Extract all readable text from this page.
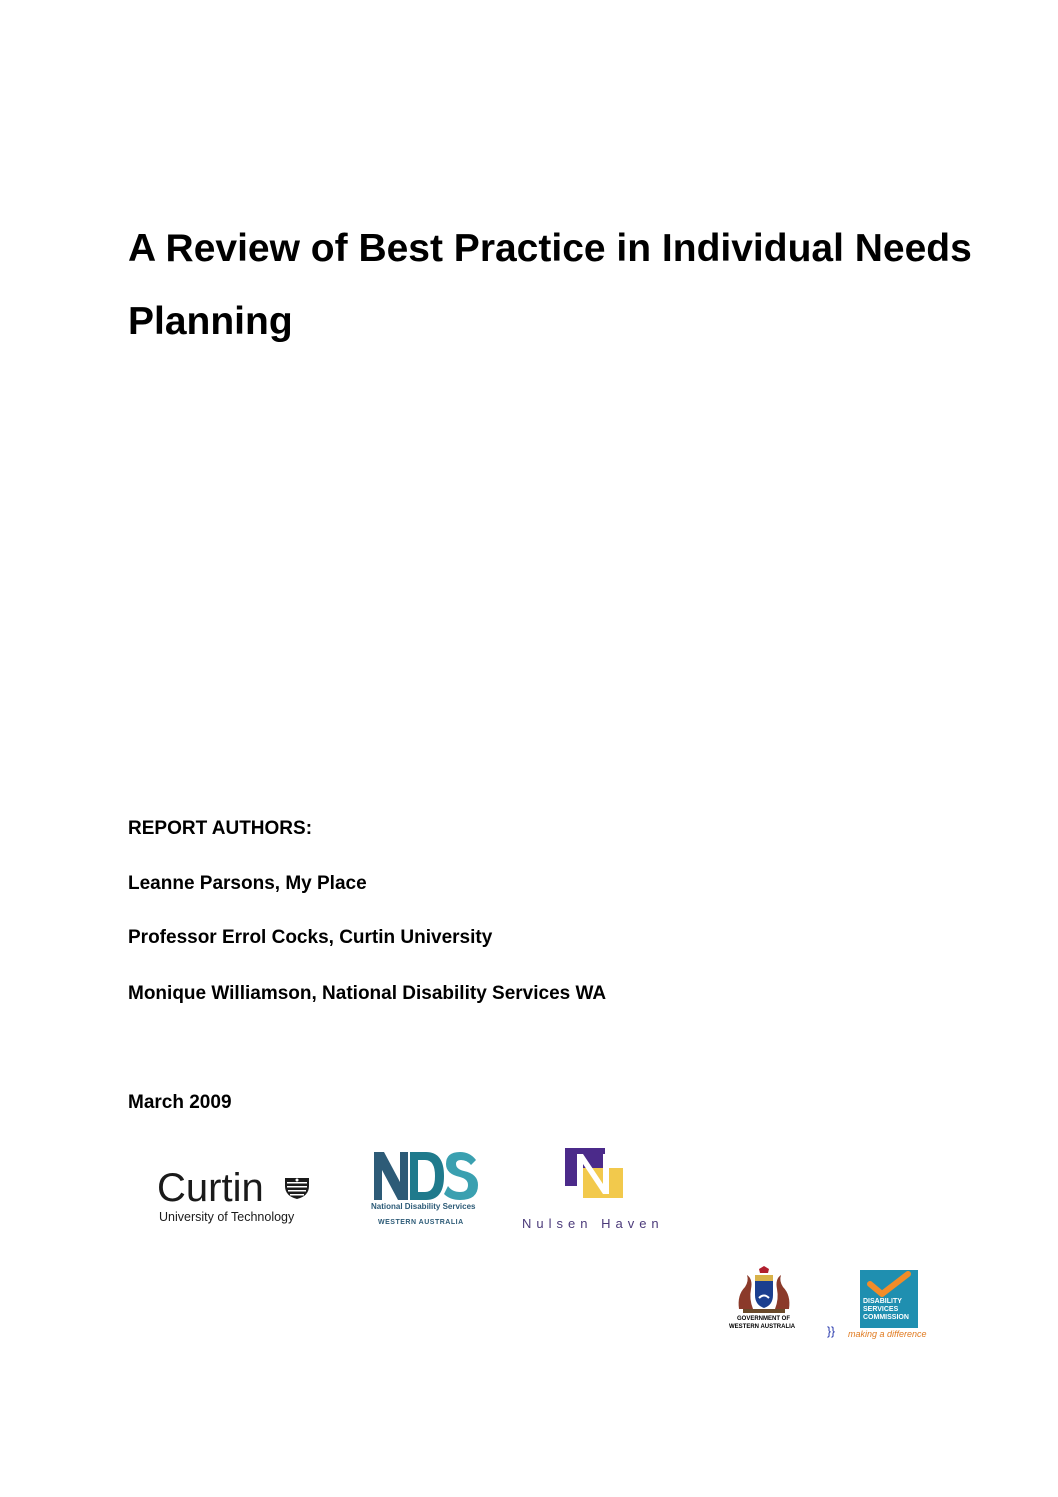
A Review of Best Practice in Individual Needs Planning

REPORT AUTHORS:

Leanne Parsons, My Place

Professor Errol Cocks, Curtin University

Monique Williamson, National Disability Services WA

March 2009

Curtin
University of Technology
National Disability Services
WESTERN AUSTRALIA	Nulsen Haven
GOVERNMENT OF
WESTERN AUSTRALIA	}}
DISABILITY
SERVICES
COMMISSION
making a difference
